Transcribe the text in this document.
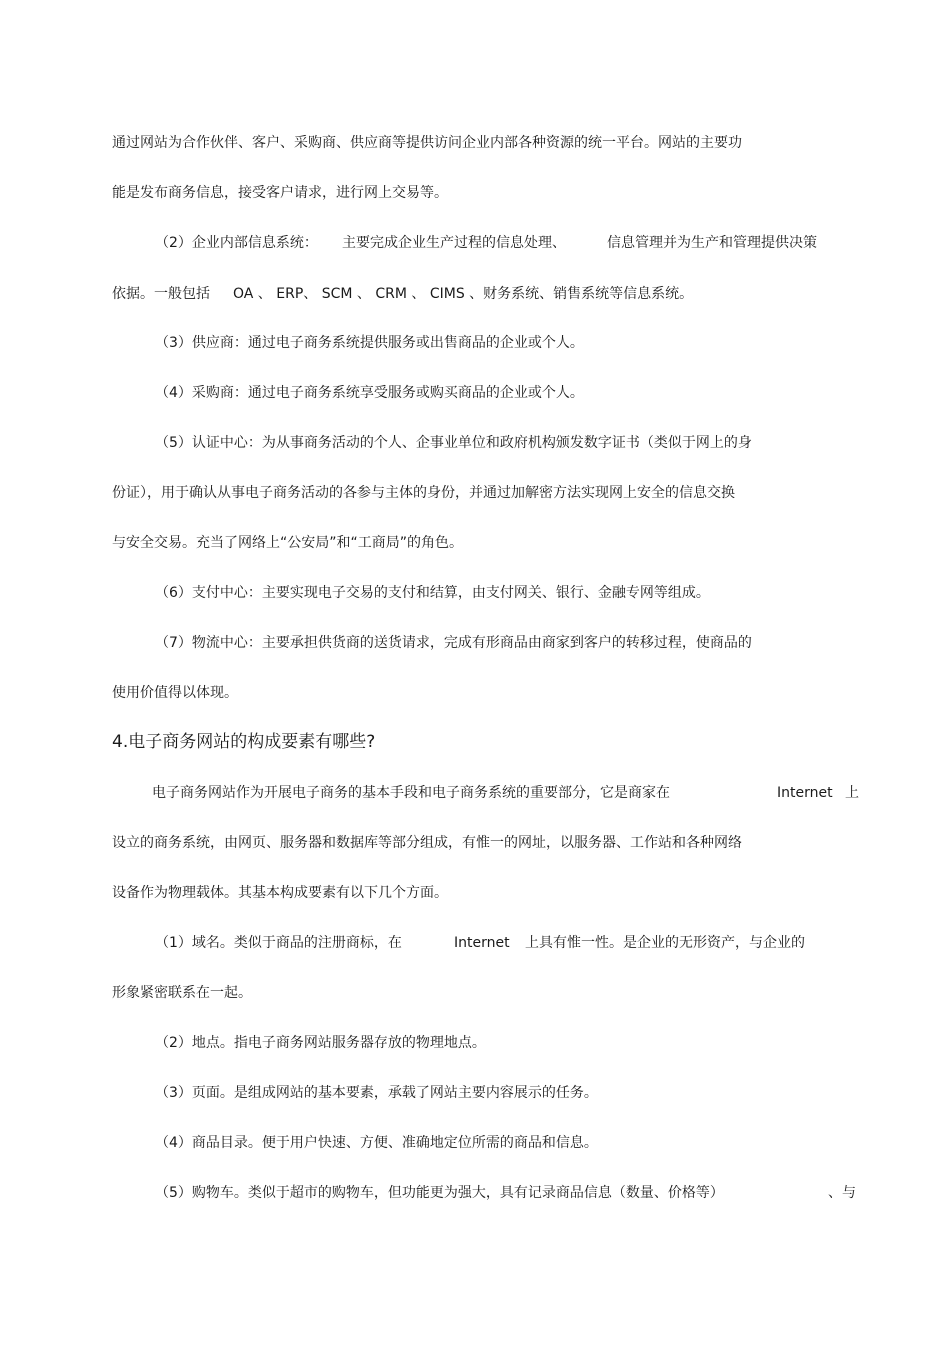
通过网站为合作伙伴、客户、采购商、供应商等提供访问企业内部各种资源的统一平台。网站的主要功
能是发布商务信息，接受客户请求，进行网上交易等。
（2）企业内部信息系统： 主要完成企业生产过程的信息处理、	信息管理并为生产和管理提供决策
依据。一般包括 OA 、 ERP、 SCM 、 CRM 、 CIMS 、财务系统、销售系统等信息系统。
（3）供应商：通过电子商务系统提供服务或出售商品的企业或个人。
（4）采购商：通过电子商务系统享受服务或购买商品的企业或个人。
（5）认证中心：为从事商务活动的个人、企事业单位和政府机构颁发数字证书（类似于网上的身
份证），用于确认从事电子商务活动的各参与主体的身份，并通过加解密方法实现网上安全的信息交换
与安全交易。充当了网络上“公安局”和“工商局”的角色。
（6）支付中心：主要实现电子交易的支付和结算，由支付网关、银行、金融专网等组成。
（7）物流中心：主要承担供货商的送货请求，完成有形商品由商家到客户的转移过程，使商品的
使用价值得以体现。
4.电子商务网站的构成要素有哪些?
电子商务网站作为开展电子商务的基本手段和电子商务系统的重要部分，它是商家在	Internet 上
设立的商务系统，由网页、服务器和数据库等部分组成，有惟一的网址，以服务器、工作站和各种网络
设备作为物理载体。其基本构成要素有以下几个方面。
（1）域名。类似于商品的注册商标，在	Internet 上具有惟一性。是企业的无形资产，与企业的
形象紧密联系在一起。
（2）地点。指电子商务网站服务器存放的物理地点。
（3）页面。是组成网站的基本要素，承载了网站主要内容展示的任务。
（4）商品目录。便于用户快速、方便、准确地定位所需的商品和信息。
（5）购物车。类似于超市的购物车，但功能更为强大，具有记录商品信息（数量、价格等）	、与
